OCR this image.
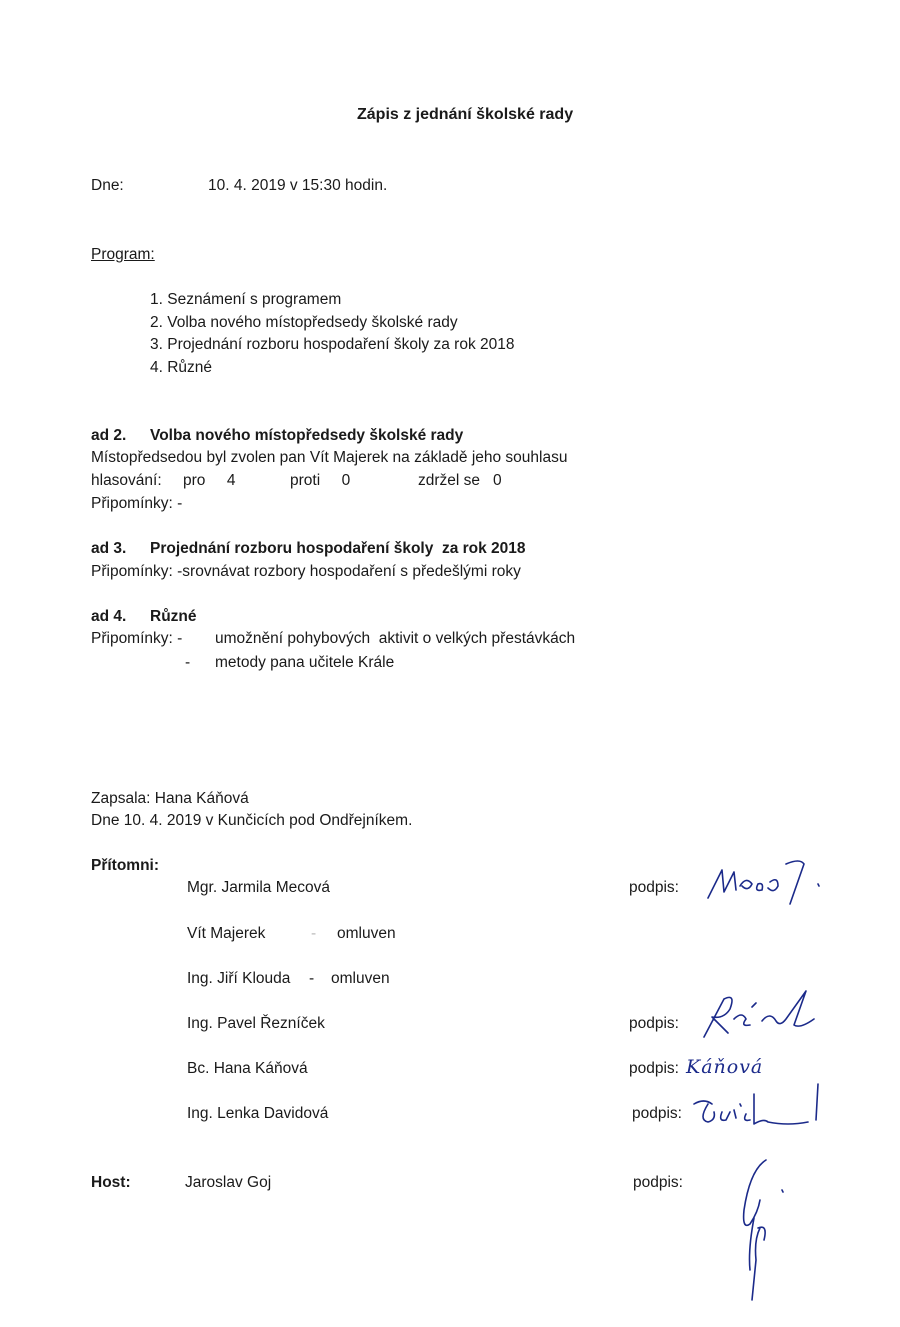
Zápis z jednání školské rady
Dne:	10. 4. 2019 v 15:30 hodin.
Program:
1. Seznámení s programem
2. Volba nového místopředsedy školské rady
3. Projednání rozboru hospodaření školy za rok 2018
4. Různé
ad 2. Volba nového místopředsedy školské rady
Místopředsedou byl zvolen pan Vít Majerek na základě jeho souhlasu
hlasování: pro     4	proti     0	zdržel se   0
Připomínky: -
ad 3. Projednání rozboru hospodaření školy  za rok 2018
Připomínky: -srovnávat rozbory hospodaření s předešlými roky
ad 4. Různé
Připomínky: - umožnění pohybových  aktivit o velkých přestávkách
- metody pana učitele Krále
Zapsala: Hana Káňová
Dne 10. 4. 2019 v Kunčicích pod Ondřejníkem.
Přítomni:
Mgr. Jarmila Mecová	podpis:
Vít Majerek	- omluven
Ing. Jiří Klouda - omluven
Ing. Pavel Řezníček	podpis:
Bc. Hana Káňová	podpis: Káňová
Ing. Lenka Davidová	podpis:
Host:	Jaroslav Goj	podpis:
